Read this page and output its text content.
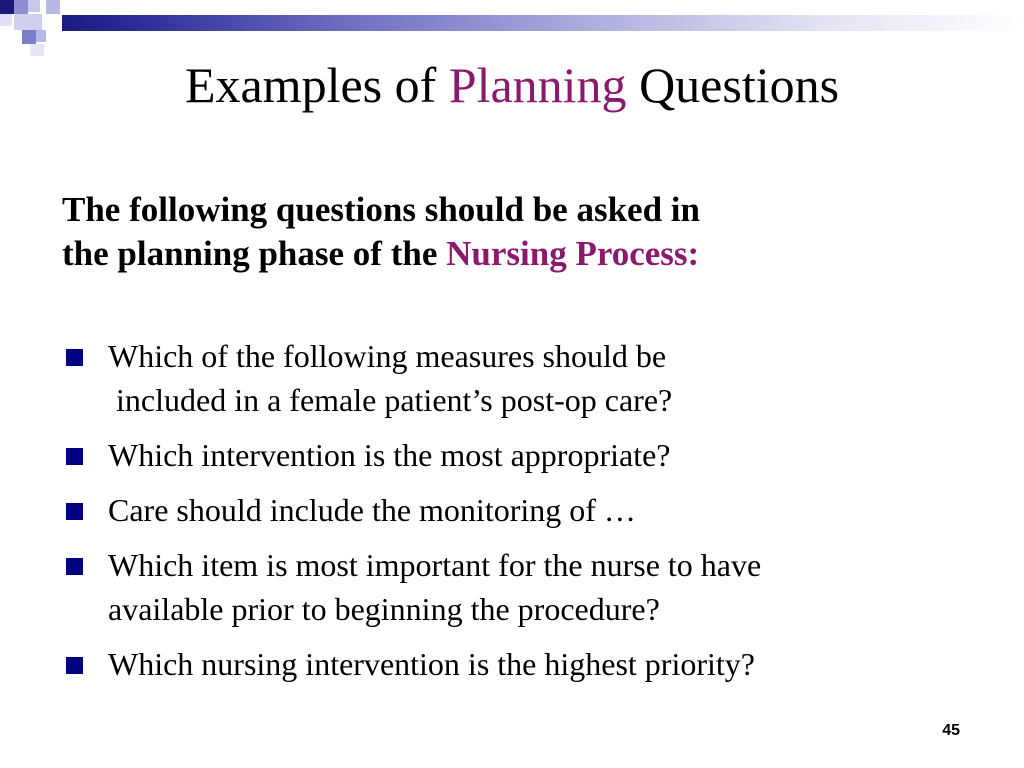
Examples of Planning Questions
The following questions should be asked in
the planning phase of the Nursing Process:
Which of the following measures should be
included in a female patient’s post-op care?
Which intervention is the most appropriate?
Care should include the monitoring of …
Which item is most important for the nurse to have
available prior to beginning the procedure?
Which nursing intervention is the highest priority?
45
